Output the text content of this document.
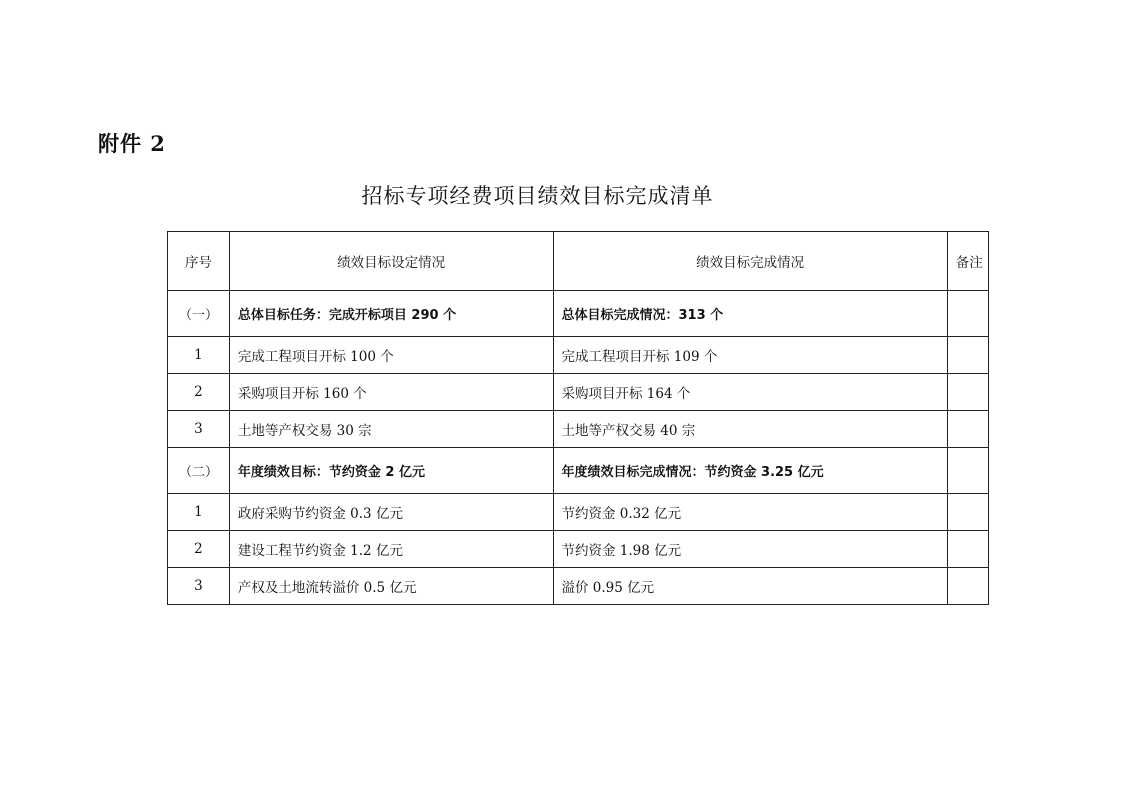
附件 2
招标专项经费项目绩效目标完成清单
序号	绩效目标设定情况	绩效目标完成情况	备注
（一）	总体目标任务：完成开标项目 290 个	总体目标完成情况：313 个	
1	完成工程项目开标 100 个	完成工程项目开标 109 个	
2	采购项目开标 160 个	采购项目开标 164 个	
3	土地等产权交易 30 宗	土地等产权交易 40 宗	
（二）	年度绩效目标：节约资金 2 亿元	年度绩效目标完成情况：节约资金 3.25 亿元	
1	政府采购节约资金 0.3 亿元	节约资金 0.32 亿元	
2	建设工程节约资金 1.2 亿元	节约资金 1.98 亿元	
3	产权及土地流转溢价 0.5 亿元	溢价 0.95 亿元	
